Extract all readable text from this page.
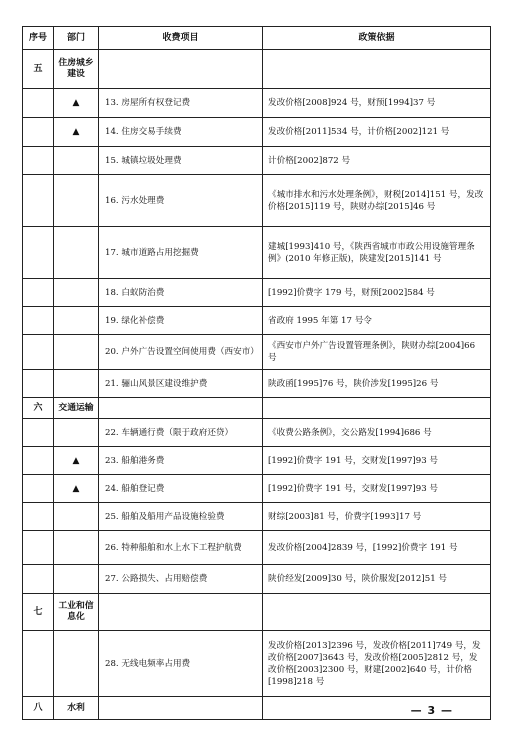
序号	部门	收费项目	政策依据
五	住房城乡建设		
	▲	13. 房屋所有权登记费	发改价格[2008]924 号，财预[1994]37 号
	▲	14. 住房交易手续费	发改价格[2011]534 号，计价格[2002]121 号
		15. 城镇垃圾处理费	计价格[2002]872 号
		16. 污水处理费	《城市排水和污水处理条例》，财税[2014]151 号，发改价格[2015]119 号，陕财办综[2015]46 号
		17. 城市道路占用挖掘费	建城[1993]410 号，《陕西省城市市政公用设施管理条例》(2010 年修正版)，陕建发[2015]141 号
		18. 白蚁防治费	[1992]价费字 179 号，财预[2002]584 号
		19. 绿化补偿费	省政府 1995 年第 17 号令
		20. 户外广告设置空间使用费（西安市）	《西安市户外广告设置管理条例》，陕财办综[2004]66 号
		21. 骊山风景区建设维护费	陕政函[1995]76 号，陕价涉发[1995]26 号
六	交通运输		
		22. 车辆通行费（限于政府还贷）	《收费公路条例》，交公路发[1994]686 号
	▲	23. 船舶港务费	[1992]价费字 191 号，交财发[1997]93 号
	▲	24. 船舶登记费	[1992]价费字 191 号，交财发[1997]93 号
		25. 船舶及船用产品设施检验费	财综[2003]81 号，价费字[1993]17 号
		26. 特种船舶和水上水下工程护航费	发改价格[2004]2839 号，[1992]价费字 191 号
		27. 公路损失、占用赔偿费	陕价经发[2009]30 号，陕价服发[2012]51 号
七	工业和信息化		
		28. 无线电频率占用费	发改价格[2013]2396 号，发改价格[2011]749 号，发改价格[2007]3643 号，发改价格[2005]2812 号，发改价格[2003]2300 号，财建[2002]640 号，计价格[1998]218 号
八	水利			— 3 —
